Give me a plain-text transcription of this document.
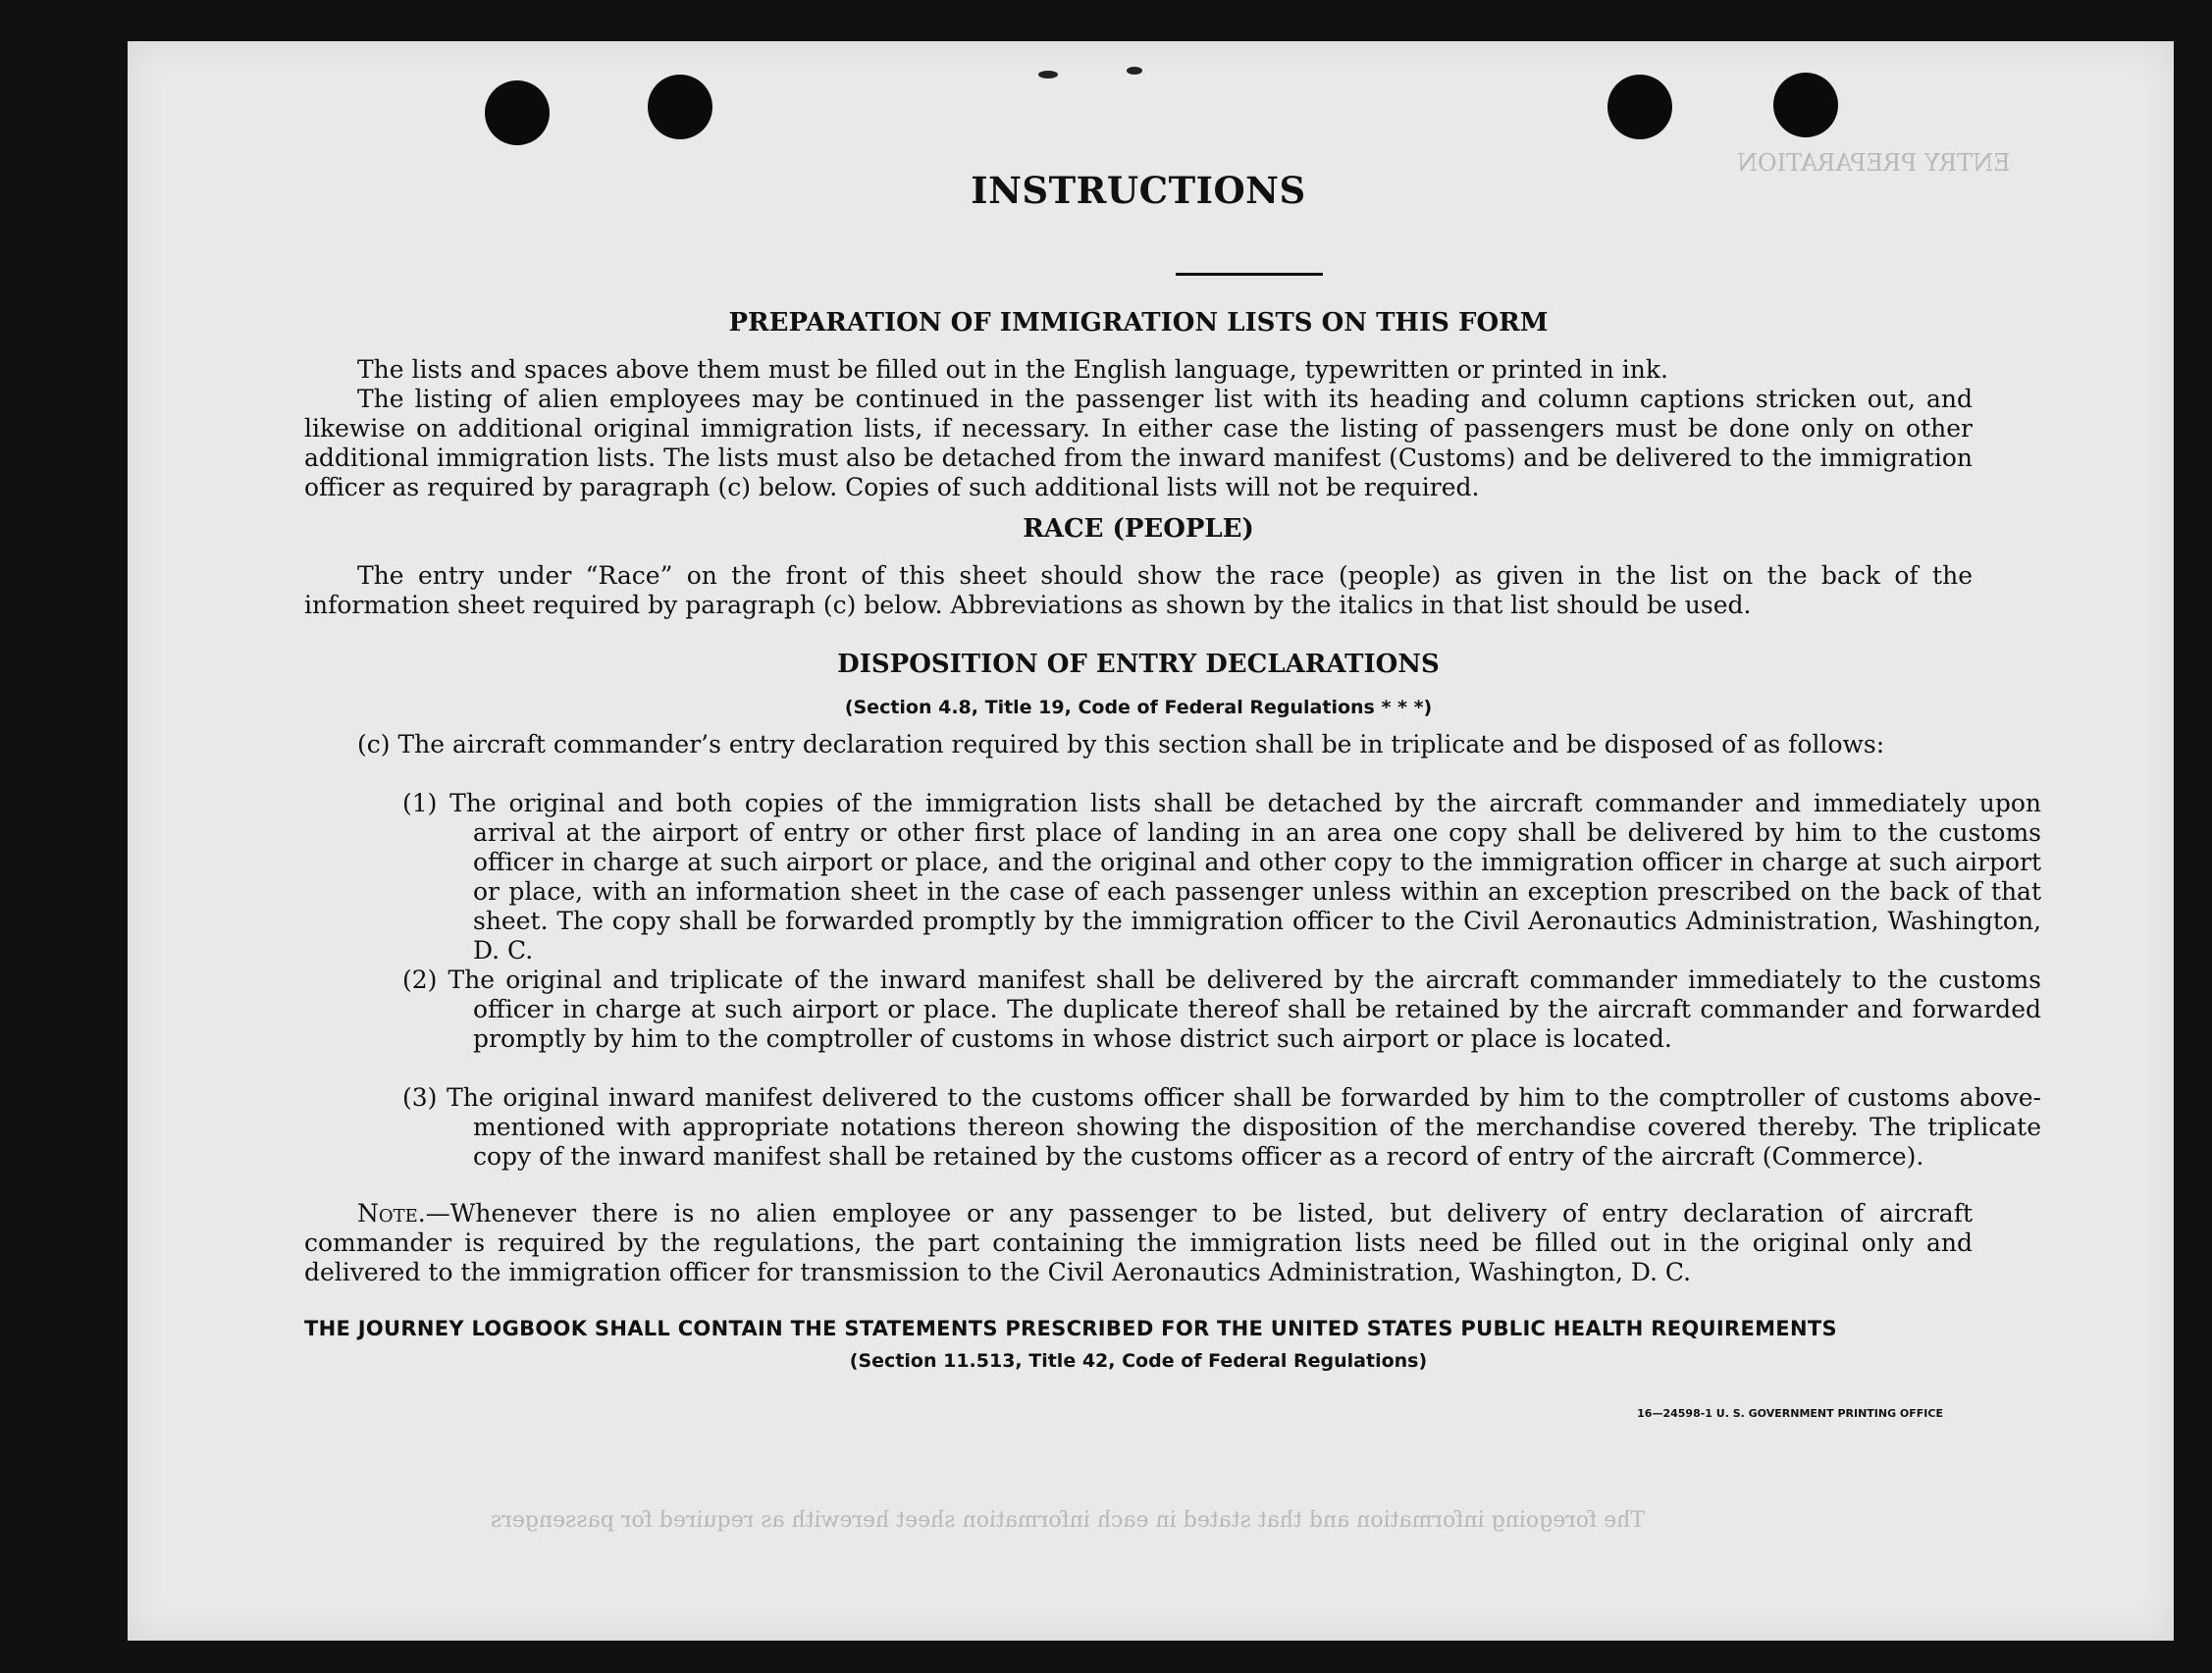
ENTRY PREPARATION
The foregoing information and that stated in each information sheet herewith as required for passengers
INSTRUCTIONS
PREPARATION OF IMMIGRATION LISTS ON THIS FORM
The lists and spaces above them must be filled out in the English language, typewritten or printed in ink.
The listing of alien employees may be continued in the passenger list with its heading and column captions stricken out, and likewise on additional original immigration lists, if necessary. In either case the listing of passengers must be done only on other additional immigration lists. The lists must also be detached from the inward manifest (Customs) and be delivered to the immigration officer as required by paragraph (c) below. Copies of such additional lists will not be required.
RACE (PEOPLE)
The entry under “Race” on the front of this sheet should show the race (people) as given in the list on the back of the information sheet required by paragraph (c) below. Abbreviations as shown by the italics in that list should be used.
DISPOSITION OF ENTRY DECLARATIONS
(Section 4.8, Title 19, Code of Federal Regulations * * *)
(c) The aircraft commander’s entry declaration required by this section shall be in triplicate and be disposed of as follows:
(1) The original and both copies of the immigration lists shall be detached by the aircraft commander and immediately upon arrival at the airport of entry or other first place of landing in an area one copy shall be delivered by him to the customs officer in charge at such airport or place, and the original and other copy to the immigration officer in charge at such airport or place, with an information sheet in the case of each passenger unless within an exception prescribed on the back of that sheet. The copy shall be forwarded promptly by the immigration officer to the Civil Aeronautics Administration, Washington, D. C.
(2) The original and triplicate of the inward manifest shall be delivered by the aircraft commander immediately to the customs officer in charge at such airport or place. The duplicate thereof shall be retained by the aircraft commander and forwarded promptly by him to the comptroller of customs in whose district such airport or place is located.
(3) The original inward manifest delivered to the customs officer shall be forwarded by him to the comptroller of customs above-mentioned with appropriate notations thereon showing the disposition of the merchandise covered thereby. The triplicate copy of the inward manifest shall be retained by the customs officer as a record of entry of the aircraft (Commerce).
Note.—Whenever there is no alien employee or any passenger to be listed, but delivery of entry declaration of aircraft commander is required by the regulations, the part containing the immigration lists need be filled out in the original only and delivered to the immigration officer for transmission to the Civil Aeronautics Administration, Washington, D. C.
THE JOURNEY LOGBOOK SHALL CONTAIN THE STATEMENTS PRESCRIBED FOR THE UNITED STATES PUBLIC HEALTH REQUIREMENTS
(Section 11.513, Title 42, Code of Federal Regulations)
16—24598-1 U. S. GOVERNMENT PRINTING OFFICE
